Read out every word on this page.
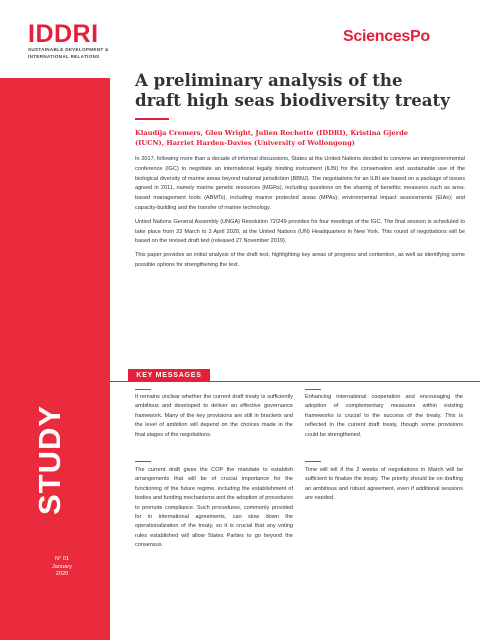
IDDRI
SUSTAINABLE DEVELOPMENT &
INTERNATIONAL RELATIONS
SciencesPo
A preliminary analysis of the
draft high seas biodiversity treaty
Klaudija Cremers, Glen Wright, Julien Rochette (IDDRI), Kristina Gjerde
(IUCN), Harriet Harden-Davies (University of Wollongong)

In 2017, following more than a decade of informal discussions, States at the United Nations decided to convene an intergovernmental conference (IGC) to negotiate an international legally binding instrument (ILBI) for the conservation and sustainable use of the biological diversity of marine areas beyond national jurisdiction (BBNJ). The negotiations for an ILBI are based on a package of issues agreed in 2011, namely marine genetic resources (MGRs), including questions on the sharing of benefits; measures such as area-based management tools (ABMTs), including marine protected areas (MPAs); environmental impact assessments (EIAs); and capacity-building and the transfer of marine technology.

United Nations General Assembly (UNGA) Resolution 72/249 provides for four meetings of the IGC. The final session is scheduled to take place from 23 March to 3 April 2020, at the United Nations (UN) Headquarters in New York. This round of negotiations will be based on the revised draft text (released 27 November 2019).

This paper provides an initial analysis of the draft text, highlighting key areas of progress and contention, as well as identifying some possible options for strengthening the text.

KEY MESSAGES
It remains unclear whether the current draft treaty is sufficiently ambitious and developed to deliver an effective governance framework. Many of the key provisions are still in brackets and the level of ambition will depend on the choices made in the final stages of the negotiations.
Enhancing international cooperation and encouraging the adoption of complementary measures within existing frameworks is crucial to the success of the treaty. This is reflected in the current draft treaty, though some provisions could be strengthened.
The current draft gives the COP the mandate to establish arrangements that will be of crucial importance for the functioning of the future regime, including the establishment of bodies and funding mechanisms and the adoption of procedures to promote compliance. Such procedures, commonly provided for in international agreements, can slow down the operationalization of the treaty, so it is crucial that any voting rules established will allow States Parties to go beyond the consensus.
Time will tell if the 2 weeks of negotiations in March will be sufficient to finalize the treaty. The priority should be on drafting an ambitious and robust agreement, even if additional sessions are needed.
STUDY
N° 01
January
2020
